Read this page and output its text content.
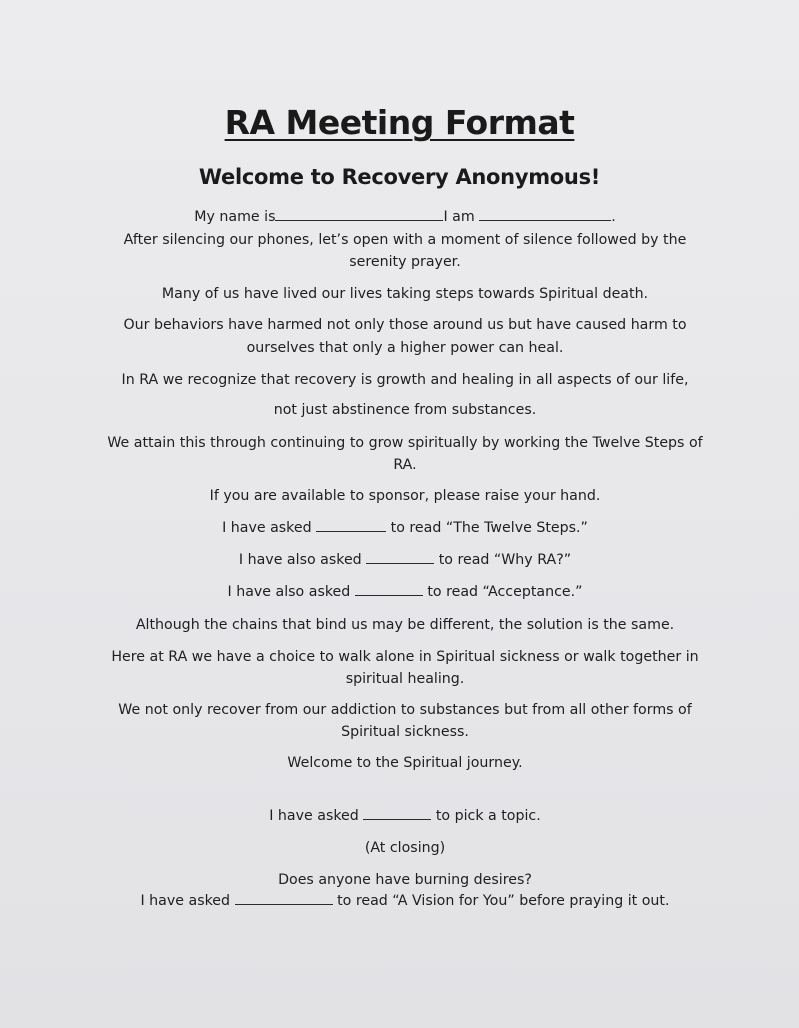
RA Meeting Format
Welcome to Recovery Anonymous!
My name is	I am	.
After silencing our phones, let’s open with a moment of silence followed by the
serenity prayer.
Many of us have lived our lives taking steps towards Spiritual death.
Our behaviors have harmed not only those around us but have caused harm to
ourselves that only a higher power can heal.
In RA we recognize that recovery is growth and healing in all aspects of our life,
not just abstinence from substances.
We attain this through continuing to grow spiritually by working the Twelve Steps of
RA.
If you are available to sponsor, please raise your hand.
I have asked	to read “The Twelve Steps.”
I have also asked	to read “Why RA?”
I have also asked	to read “Acceptance.”
Although the chains that bind us may be different, the solution is the same.
Here at RA we have a choice to walk alone in Spiritual sickness or walk together in
spiritual healing.
We not only recover from our addiction to substances but from all other forms of
Spiritual sickness.
Welcome to the Spiritual journey.
I have asked	to pick a topic.
(At closing)
Does anyone have burning desires?
I have asked	to read “A Vision for You” before praying it out.
